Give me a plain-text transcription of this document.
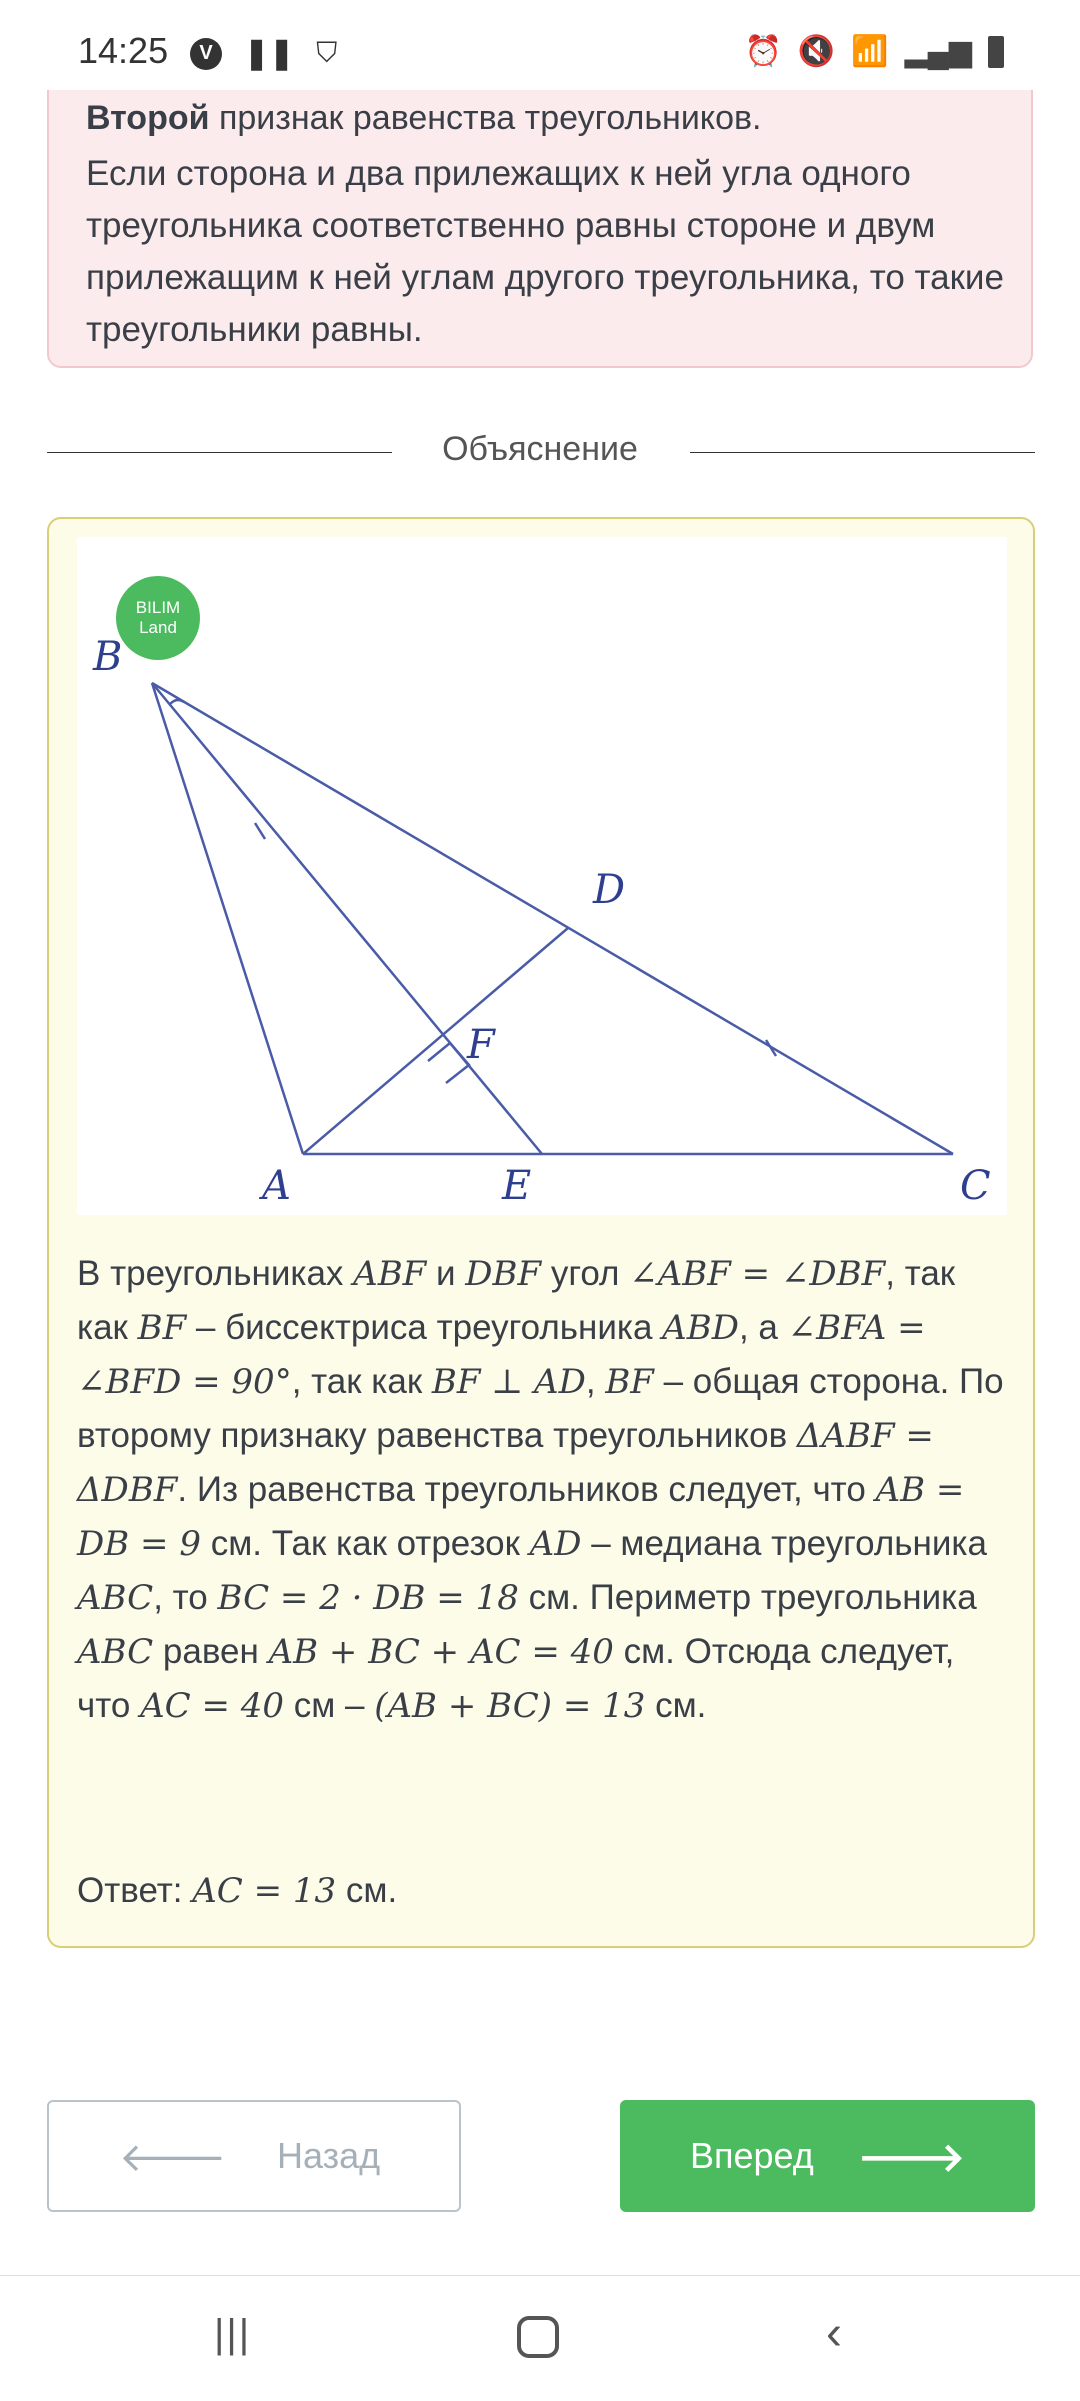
14:25	V	❚❚ ⛉	⏰ 🔇 📶 ▂▄▆
Второй признак равенства треугольников.
Если сторона и два прилежащих к ней угла одного треугольника соответственно равны стороне и двум прилежащим к ней углам другого треугольника, то такие треугольники равны.
Объяснение
BILIM
Land
B
D
F
A	E	C
В треугольниках ABF и DBF угол ∠ABF = ∠DBF, так как BF – биссектриса треугольника ABD, а ∠BFA = ∠BFD = 90°, так как BF ⊥ AD, BF – общая сторона. По второму признаку равенства треугольников ΔABF = ΔDBF. Из равенства треугольников следует, что AB = DB = 9 см. Так как отрезок AD – медиана треугольника ABC, то BC = 2 · DB = 18 см. Периметр треугольника ABC равен AB + BC + AC = 40 см. Отсюда следует, что AC = 40 см – (AB + BC) = 13 см.
Ответ: AC = 13 см.
🡐 Назад	Вперед 🡒
|||	‹
